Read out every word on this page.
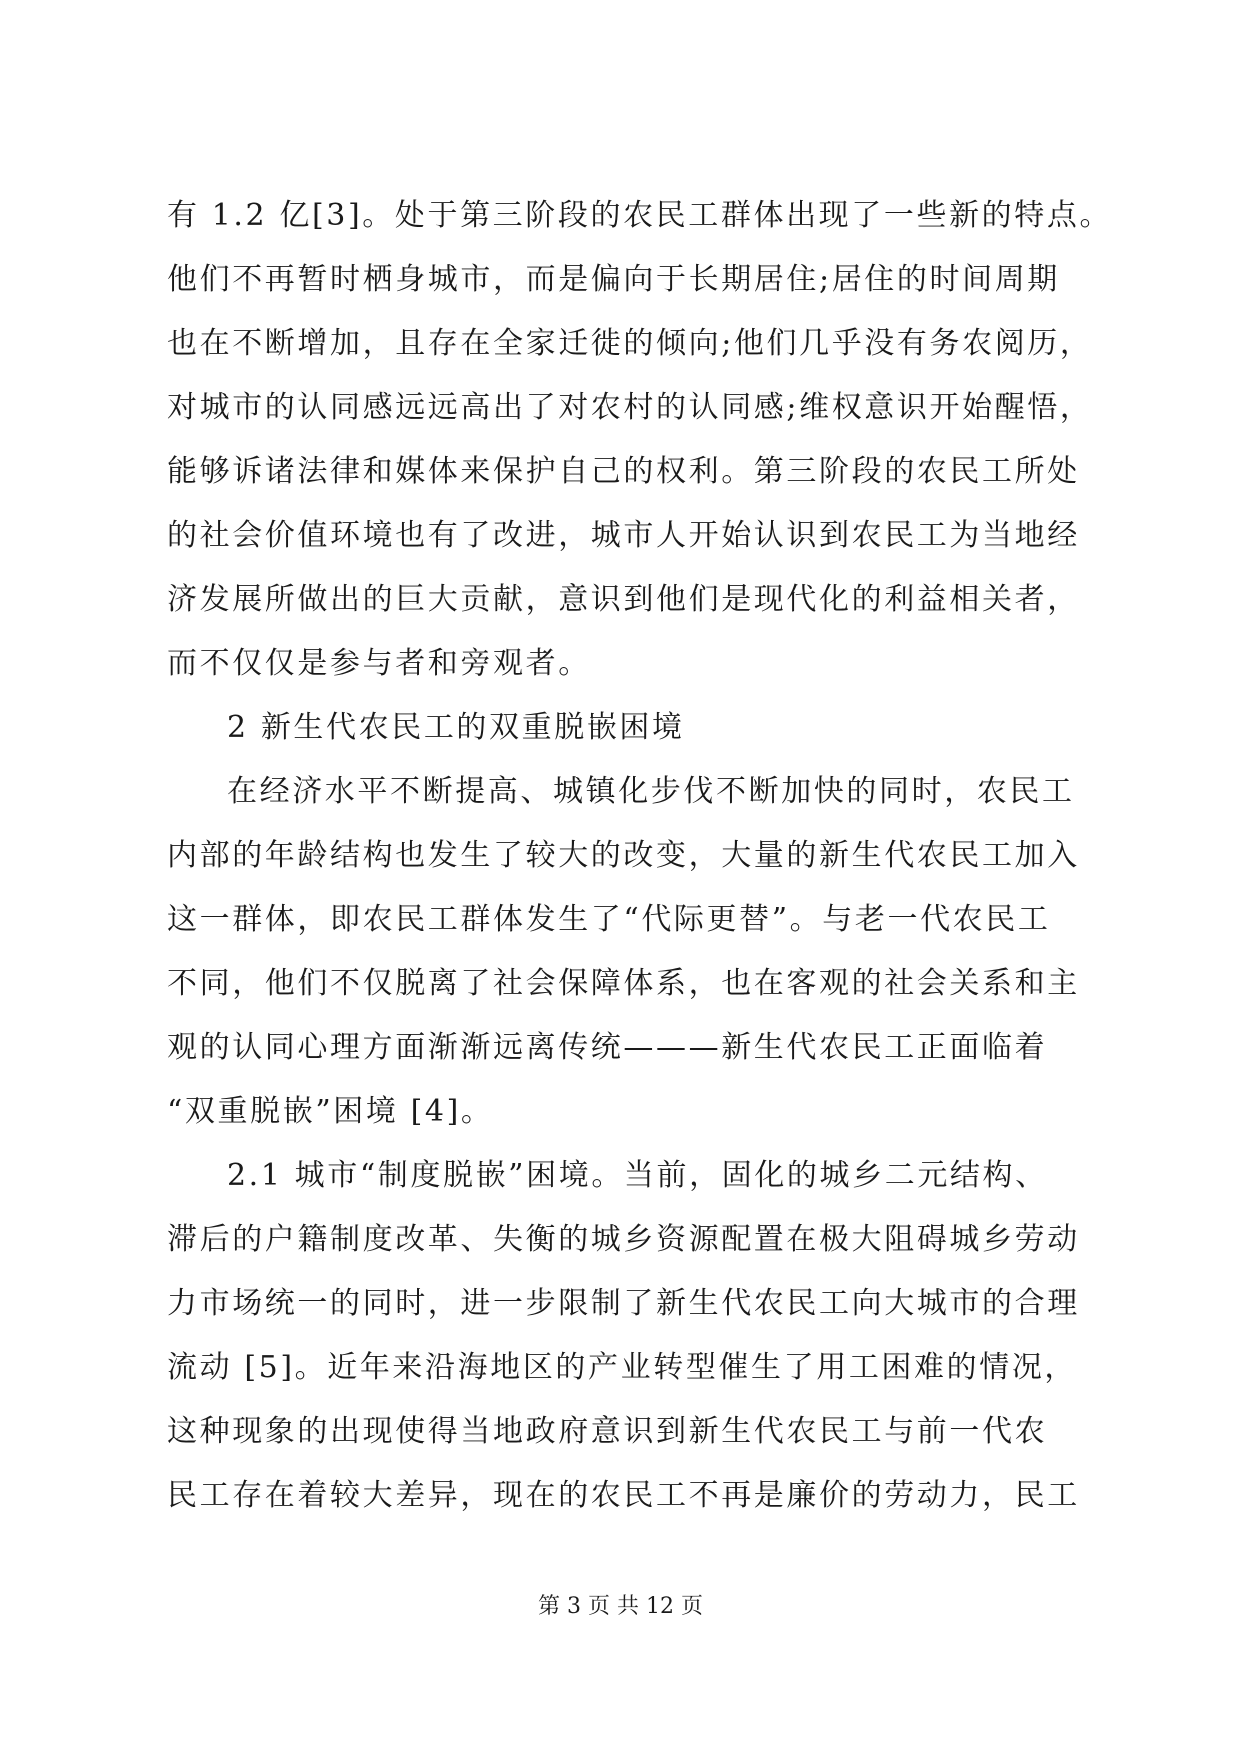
有 1.2 亿[3]。处于第三阶段的农民工群体出现了一些新的特点。
他们不再暂时栖身城市，而是偏向于长期居住;居住的时间周期
也在不断增加，且存在全家迁徙的倾向;他们几乎没有务农阅历，
对城市的认同感远远高出了对农村的认同感;维权意识开始醒悟，
能够诉诸法律和媒体来保护自己的权利。第三阶段的农民工所处
的社会价值环境也有了改进，城市人开始认识到农民工为当地经
济发展所做出的巨大贡献，意识到他们是现代化的利益相关者，
而不仅仅是参与者和旁观者。
2 新生代农民工的双重脱嵌困境
在经济水平不断提高、城镇化步伐不断加快的同时，农民工
内部的年龄结构也发生了较大的改变，大量的新生代农民工加入
这一群体，即农民工群体发生了“代际更替”。与老一代农民工
不同，他们不仅脱离了社会保障体系，也在客观的社会关系和主
观的认同心理方面渐渐远离传统———新生代农民工正面临着
“双重脱嵌”困境 [4]。
2.1 城市“制度脱嵌”困境。当前，固化的城乡二元结构、
滞后的户籍制度改革、失衡的城乡资源配置在极大阻碍城乡劳动
力市场统一的同时，进一步限制了新生代农民工向大城市的合理
流动 [5]。近年来沿海地区的产业转型催生了用工困难的情况，
这种现象的出现使得当地政府意识到新生代农民工与前一代农
民工存在着较大差异，现在的农民工不再是廉价的劳动力，民工
第 3 页 共 12 页
